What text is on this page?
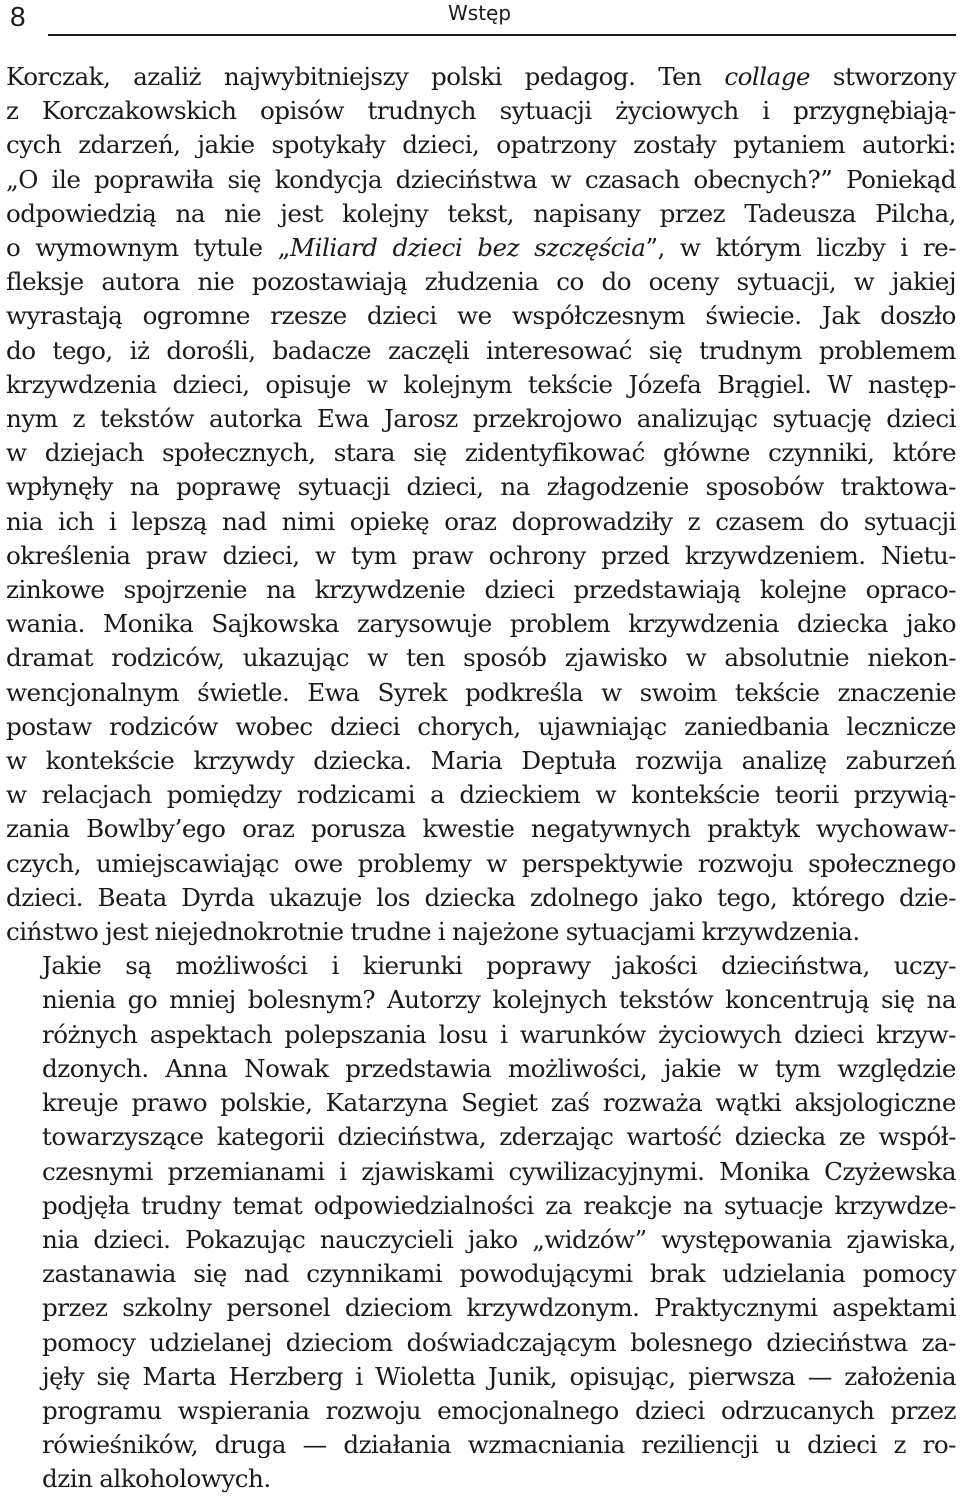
8	Wstęp

Korczak, azaliż najwybitniejszy polski pedagog. Ten collage stworzony
z Korczakowskich opisów trudnych sytuacji życiowych i przygnębiają-
cych zdarzeń, jakie spotykały dzieci, opatrzony zostały pytaniem autorki:
„O ile poprawiła się kondycja dzieciństwa w czasach obecnych?” Poniekąd
odpowiedzią na nie jest kolejny tekst, napisany przez Tadeusza Pilcha,
o wymownym tytule „Miliard dzieci bez szczęścia”, w którym liczby i re-
fleksje autora nie pozostawiają złudzenia co do oceny sytuacji, w jakiej
wyrastają ogromne rzesze dzieci we współczesnym świecie. Jak doszło
do tego, iż dorośli, badacze zaczęli interesować się trudnym problemem
krzywdzenia dzieci, opisuje w kolejnym tekście Józefa Brągiel. W następ-
nym z tekstów autorka Ewa Jarosz przekrojowo analizując sytuację dzieci
w dziejach społecznych, stara się zidentyfikować główne czynniki, które
wpłynęły na poprawę sytuacji dzieci, na złagodzenie sposobów traktowa-
nia ich i lepszą nad nimi opiekę oraz doprowadziły z czasem do sytuacji
określenia praw dzieci, w tym praw ochrony przed krzywdzeniem. Nietu-
zinkowe spojrzenie na krzywdzenie dzieci przedstawiają kolejne opraco-
wania. Monika Sajkowska zarysowuje problem krzywdzenia dziecka jako
dramat rodziców, ukazując w ten sposób zjawisko w absolutnie niekon-
wencjonalnym świetle. Ewa Syrek podkreśla w swoim tekście znaczenie
postaw rodziców wobec dzieci chorych, ujawniając zaniedbania lecznicze
w kontekście krzywdy dziecka. Maria Deptuła rozwija analizę zaburzeń
w relacjach pomiędzy rodzicami a dzieckiem w kontekście teorii przywią-
zania Bowlby’ego oraz porusza kwestie negatywnych praktyk wychowaw-
czych, umiejscawiając owe problemy w perspektywie rozwoju społecznego
dzieci. Beata Dyrda ukazuje los dziecka zdolnego jako tego, którego dzie-
ciństwo jest niejednokrotnie trudne i najeżone sytuacjami krzywdzenia.

Jakie są możliwości i kierunki poprawy jakości dzieciństwa, uczy-
nienia go mniej bolesnym? Autorzy kolejnych tekstów koncentrują się na
różnych aspektach polepszania losu i warunków życiowych dzieci krzyw-
dzonych. Anna Nowak przedstawia możliwości, jakie w tym względzie
kreuje prawo polskie, Katarzyna Segiet zaś rozważa wątki aksjologiczne
towarzyszące kategorii dzieciństwa, zderzając wartość dziecka ze współ-
czesnymi przemianami i zjawiskami cywilizacyjnymi. Monika Czyżewska
podjęła trudny temat odpowiedzialności za reakcje na sytuacje krzywdze-
nia dzieci. Pokazując nauczycieli jako „widzów” występowania zjawiska,
zastanawia się nad czynnikami powodującymi brak udzielania pomocy
przez szkolny personel dzieciom krzywdzonym. Praktycznymi aspektami
pomocy udzielanej dzieciom doświadczającym bolesnego dzieciństwa za-
jęły się Marta Herzberg i Wioletta Junik, opisując, pierwsza — założenia
programu wspierania rozwoju emocjonalnego dzieci odrzucanych przez
rówieśników, druga — działania wzmacniania reziliencji u dzieci z ro-
dzin alkoholowych.
